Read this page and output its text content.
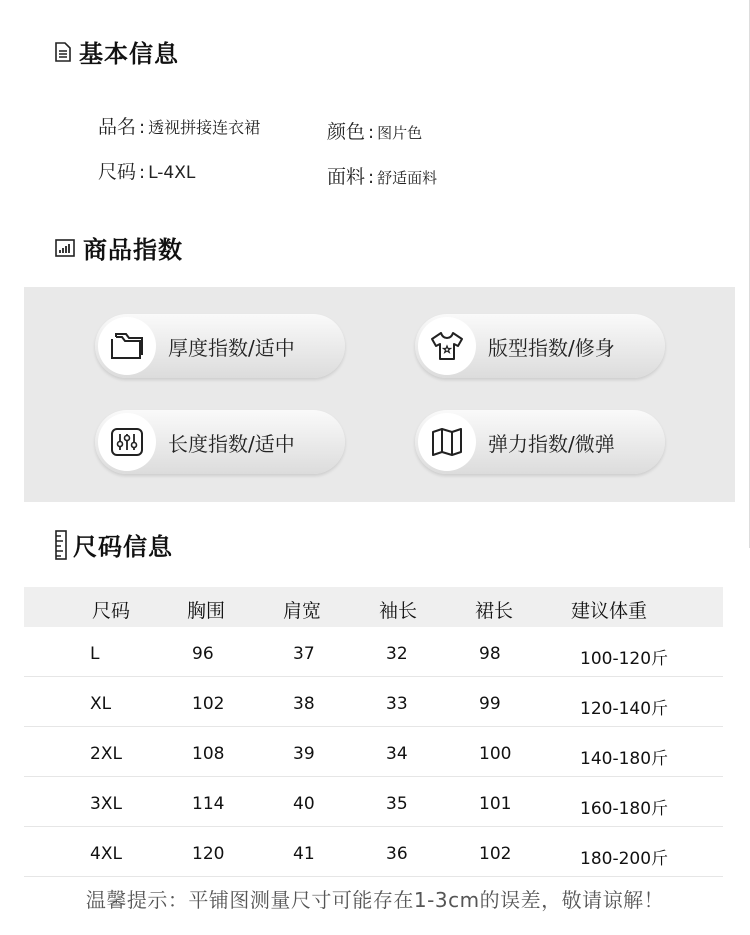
基本信息
品名 : 透视拼接连衣裙	颜色 : 图片色
尺码 : L-4XL	面料 : 舒适面料
商品指数
厚度指数/适中	版型指数/修身
长度指数/适中	弹力指数/微弹
尺码信息
尺码	胸围	肩宽	袖长	裙长	建议体重
L	96	37	32	98	100-120斤
XL	102	38	33	99	120-140斤
2XL	108	39	34	100	140-180斤
3XL	114	40	35	101	160-180斤
4XL	120	41	36	102	180-200斤
温馨提示：平铺图测量尺寸可能存在1-3cm的误差，敬请谅解！
